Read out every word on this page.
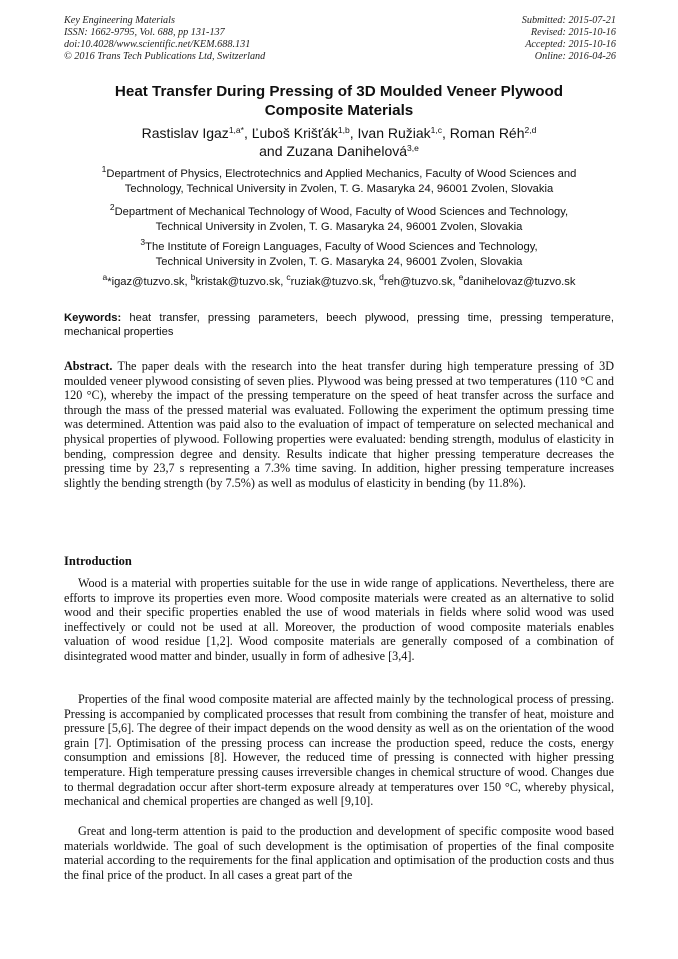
Key Engineering Materials
ISSN: 1662-9795, Vol. 688, pp 131-137
doi:10.4028/www.scientific.net/KEM.688.131
© 2016 Trans Tech Publications Ltd, Switzerland
Submitted: 2015-07-21
Revised: 2015-10-16
Accepted: 2015-10-16
Online: 2016-04-26
Heat Transfer During Pressing of 3D Moulded Veneer Plywood
Composite Materials
Rastislav Igaz$^{1,a*}$, Ľuboš Krišťák$^{1,b}$, Ivan Ružiak$^{1,c}$, Roman Réh$^{2,d}$
and Zuzana Danihelová$^{3,e}$
$^1$Department of Physics, Electrotechnics and Applied Mechanics, Faculty of Wood Sciences and
Technology, Technical University in Zvolen, T. G. Masaryka 24, 96001 Zvolen, Slovakia
$^2$Department of Mechanical Technology of Wood, Faculty of Wood Sciences and Technology,
Technical University in Zvolen, T. G. Masaryka 24, 96001 Zvolen, Slovakia
$^3$The Institute of Foreign Languages, Faculty of Wood Sciences and Technology,
Technical University in Zvolen, T. G. Masaryka 24, 96001 Zvolen, Slovakia
$^a$*igaz@tuzvo.sk, $^b$kristak@tuzvo.sk, $^c$ruziak@tuzvo.sk, $^d$reh@tuzvo.sk, $^e$danihelovaz@tuzvo.sk
Keywords: heat transfer, pressing parameters, beech plywood, pressing time, pressing temperature, mechanical properties
Abstract. The paper deals with the research into the heat transfer during high temperature pressing of 3D moulded veneer plywood consisting of seven plies. Plywood was being pressed at two temperatures (110 °C and 120 °C), whereby the impact of the pressing temperature on the speed of heat transfer across the surface and through the mass of the pressed material was evaluated. Following the experiment the optimum pressing time was determined. Attention was paid also to the evaluation of impact of temperature on selected mechanical and physical properties of plywood. Following properties were evaluated: bending strength, modulus of elasticity in bending, compression degree and density. Results indicate that higher pressing temperature decreases the pressing time by 23,7 s representing a 7.3% time saving. In addition, higher pressing temperature increases slightly the bending strength (by 7.5%) as well as modulus of elasticity in bending (by 11.8%).
Introduction

Wood is a material with properties suitable for the use in wide range of applications. Nevertheless, there are efforts to improve its properties even more. Wood composite materials were created as an alternative to solid wood and their specific properties enabled the use of wood materials in fields where solid wood was used ineffectively or could not be used at all. Moreover, the production of wood composite materials enables valuation of wood residue [1,2]. Wood composite materials are generally composed of a combination of disintegrated wood matter and binder, usually in form of adhesive [3,4].

Properties of the final wood composite material are affected mainly by the technological process of pressing. Pressing is accompanied by complicated processes that result from combining the transfer of heat, moisture and pressure [5,6]. The degree of their impact depends on the wood density as well as on the orientation of the wood grain [7]. Optimisation of the pressing process can increase the production speed, reduce the costs, energy consumption and emissions [8]. However, the reduced time of pressing is connected with higher pressing temperature. High temperature pressing causes irreversible changes in chemical structure of wood. Changes due to thermal degradation occur after short-term exposure already at temperatures over 150 °C, whereby physical, mechanical and chemical properties are changed as well [9,10].

Great and long-term attention is paid to the production and development of specific composite wood based materials worldwide. The goal of such development is the optimisation of properties of the final composite material according to the requirements for the final application and optimisation of the production costs and thus the final price of the product. In all cases a great part of the
